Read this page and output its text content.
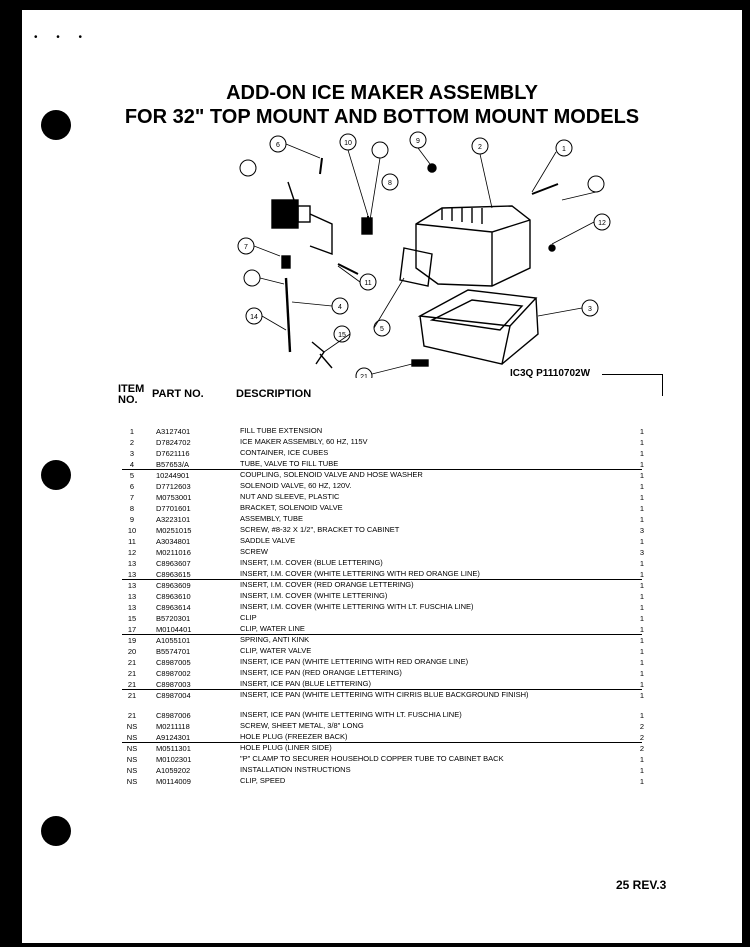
• • •
ADD-ON ICE MAKER ASSEMBLY
FOR 32" TOP MOUNT AND BOTTOM MOUNT MODELS
10
6
9
2	1
3
7
12
11
4
5
8
14
21
15
IC3Q P1110702W
ITEM NO.	PART NO.	DESCRIPTION
1	A3127401	FILL TUBE EXTENSION	1
2	D7824702	ICE MAKER ASSEMBLY, 60 HZ, 115V	1
3	D7621116	CONTAINER, ICE CUBES	1
4	B57653/A	TUBE, VALVE TO FILL TUBE	1
5	10244901	COUPLING, SOLENOID VALVE AND HOSE WASHER	1
6	D7712603	SOLENOID VALVE, 60 HZ, 120V.	1
7	M0753001	NUT AND SLEEVE, PLASTIC	1
8	D7701601	BRACKET, SOLENOID VALVE	1
9	A3223101	ASSEMBLY, TUBE	1
10	M0251015	SCREW, #8-32 X 1/2", BRACKET TO CABINET	3
11	A3034801	SADDLE VALVE	1
12	M0211016	SCREW	3
13	C8963607	INSERT, I.M. COVER (BLUE LETTERING)	1
13	C8963615	INSERT, I.M. COVER (WHITE LETTERING WITH RED ORANGE LINE)	1
13	C8963609	INSERT, I.M. COVER (RED ORANGE LETTERING)	1
13	C8963610	INSERT, I.M. COVER (WHITE LETTERING)	1
13	C8963614	INSERT, I.M. COVER (WHITE LETTERING WITH LT. FUSCHIA LINE)	1
15	B5720301	CLIP	1
17	M0104401	CLIP, WATER LINE	1
19	A1055101	SPRING, ANTI KINK	1
20	B5574701	CLIP, WATER VALVE	1
21	C8987005	INSERT, ICE PAN (WHITE LETTERING WITH RED ORANGE LINE)	1
21	C8987002	INSERT, ICE PAN (RED ORANGE LETTERING)	1
21	C8987003	INSERT, ICE PAN (BLUE LETTERING)	1
21	C8987004	INSERT, ICE PAN (WHITE LETTERING WITH CIRRIS BLUE BACKGROUND FINISH)	1
21	C8987006	INSERT, ICE PAN (WHITE LETTERING WITH LT. FUSCHIA LINE)	1
NS	M0211118	SCREW, SHEET METAL, 3/8" LONG	2
NS	A9124301	HOLE PLUG (FREEZER BACK)	2
NS	M0511301	HOLE PLUG (LINER SIDE)	2
NS	M0102301	"P" CLAMP TO SECURER HOUSEHOLD COPPER TUBE TO CABINET BACK	1
NS	A1059202	INSTALLATION INSTRUCTIONS	1
NS	M0114009	CLIP, SPEED	1
25 REV.3
